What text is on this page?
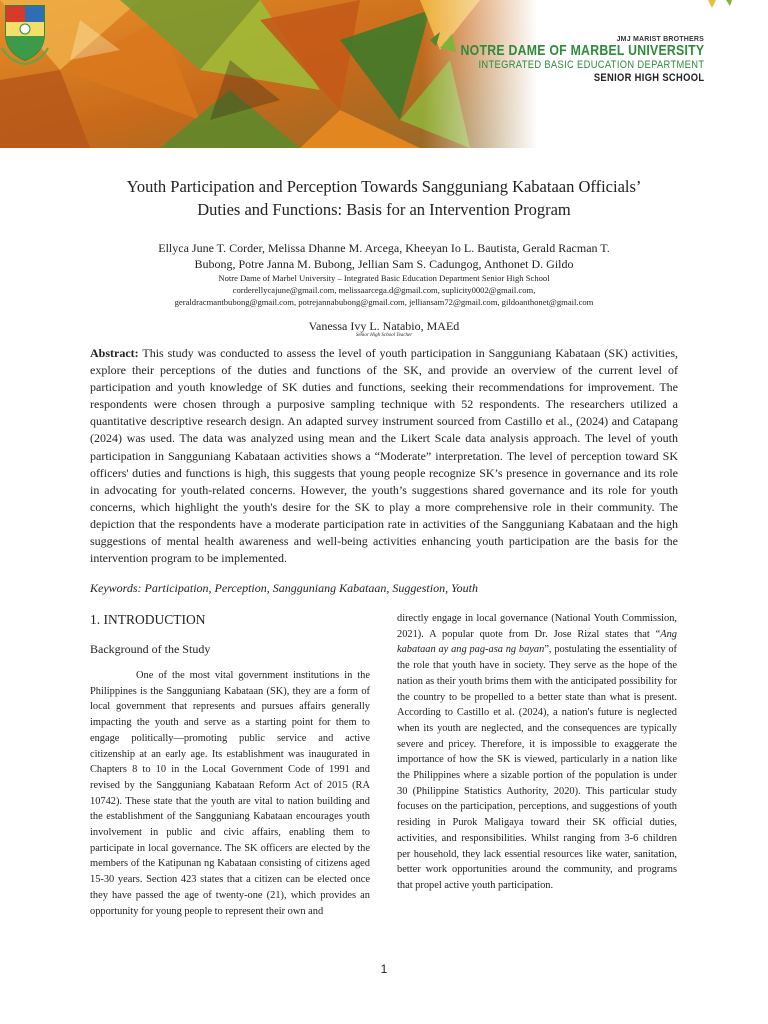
JMJ MARIST BROTHERS
NOTRE DAME OF MARBEL UNIVERSITY
INTEGRATED BASIC EDUCATION DEPARTMENT
SENIOR HIGH SCHOOL
Youth Participation and Perception Towards Sangguniang Kabataan Officials’
Duties and Functions: Basis for an Intervention Program
Ellyca June T. Corder, Melissa Dhanne M. Arcega, Kheeyan Io L. Bautista, Gerald Racman T.
Bubong, Potre Janna M. Bubong, Jellian Sam S. Cadungog, Anthonet D. Gildo
Notre Dame of Marbel University – Integrated Basic Education Department Senior High School
corderellycajune@gmail.com, melissaarcega.d@gmail.com, suplicity0002@gmail.com,
geraldracmantbubong@gmail.com, potrejannabubong@gmail.com, jelliansam72@gmail.com, gildoanthonet@gmail.com
Vanessa Ivy L. Natabio, MAEd
Senior High School Teacher
Abstract: This study was conducted to assess the level of youth participation in Sangguniang Kabataan (SK) activities, explore their perceptions of the duties and functions of the SK, and provide an overview of the current level of participation and youth knowledge of SK duties and functions, seeking their recommendations for improvement. The respondents were chosen through a purposive sampling technique with 52 respondents. The researchers utilized a quantitative descriptive research design. An adapted survey instrument sourced from Castillo et al., (2024) and Catapang (2024) was used. The data was analyzed using mean and the Likert Scale data analysis approach. The level of youth participation in Sangguniang Kabataan activities shows a “Moderate” interpretation. The level of perception toward SK officers' duties and functions is high, this suggests that young people recognize SK’s presence in governance and its role in advocating for youth-related concerns. However, the youth’s suggestions shared governance and its role for youth concerns, which highlight the youth's desire for the SK to play a more comprehensive role in their community. The depiction that the respondents have a moderate participation rate in activities of the Sangguniang Kabataan and the high suggestions of mental health awareness and well-being activities enhancing youth participation are the basis for the intervention program to be implemented.
Keywords: Participation, Perception, Sangguniang Kabataan, Suggestion, Youth
1. INTRODUCTION
Background of the Study

One of the most vital government institutions in the Philippines is the Sangguniang Kabataan (SK), they are a form of local government that represents and pursues affairs generally impacting the youth and serve as a starting point for them to engage politically—promoting public service and active citizenship at an early age. Its establishment was inaugurated in Chapters 8 to 10 in the Local Government Code of 1991 and revised by the Sangguniang Kabataan Reform Act of 2015 (RA 10742). These state that the youth are vital to nation building and the establishment of the Sangguniang Kabataan encourages youth involvement in public and civic affairs, enabling them to participate in local governance. The SK officers are elected by the members of the Katipunan ng Kabataan consisting of citizens aged 15-30 years. Section 423 states that a citizen can be elected once they have passed the age of twenty-one (21), which provides an opportunity for young people to represent their own and

directly engage in local governance (National Youth Commission, 2021). A popular quote from Dr. Jose Rizal states that “Ang kabataan ay ang pag-asa ng bayan”, postulating the essentiality of the role that youth have in society. They serve as the hope of the nation as their youth brims them with the anticipated possibility for the country to be propelled to a better state than what is present. According to Castillo et al. (2024), a nation's future is neglected when its youth are neglected, and the consequences are typically severe and pricey. Therefore, it is impossible to exaggerate the importance of how the SK is viewed, particularly in a nation like the Philippines where a sizable portion of the population is under 30 (Philippine Statistics Authority, 2020). This particular study focuses on the participation, perceptions, and suggestions of youth residing in Purok Maligaya toward their SK official duties, activities, and responsibilities. Whilst ranging from 3-6 children per household, they lack essential resources like water, sanitation, better work opportunities around the community, and programs that propel active youth participation.

1
